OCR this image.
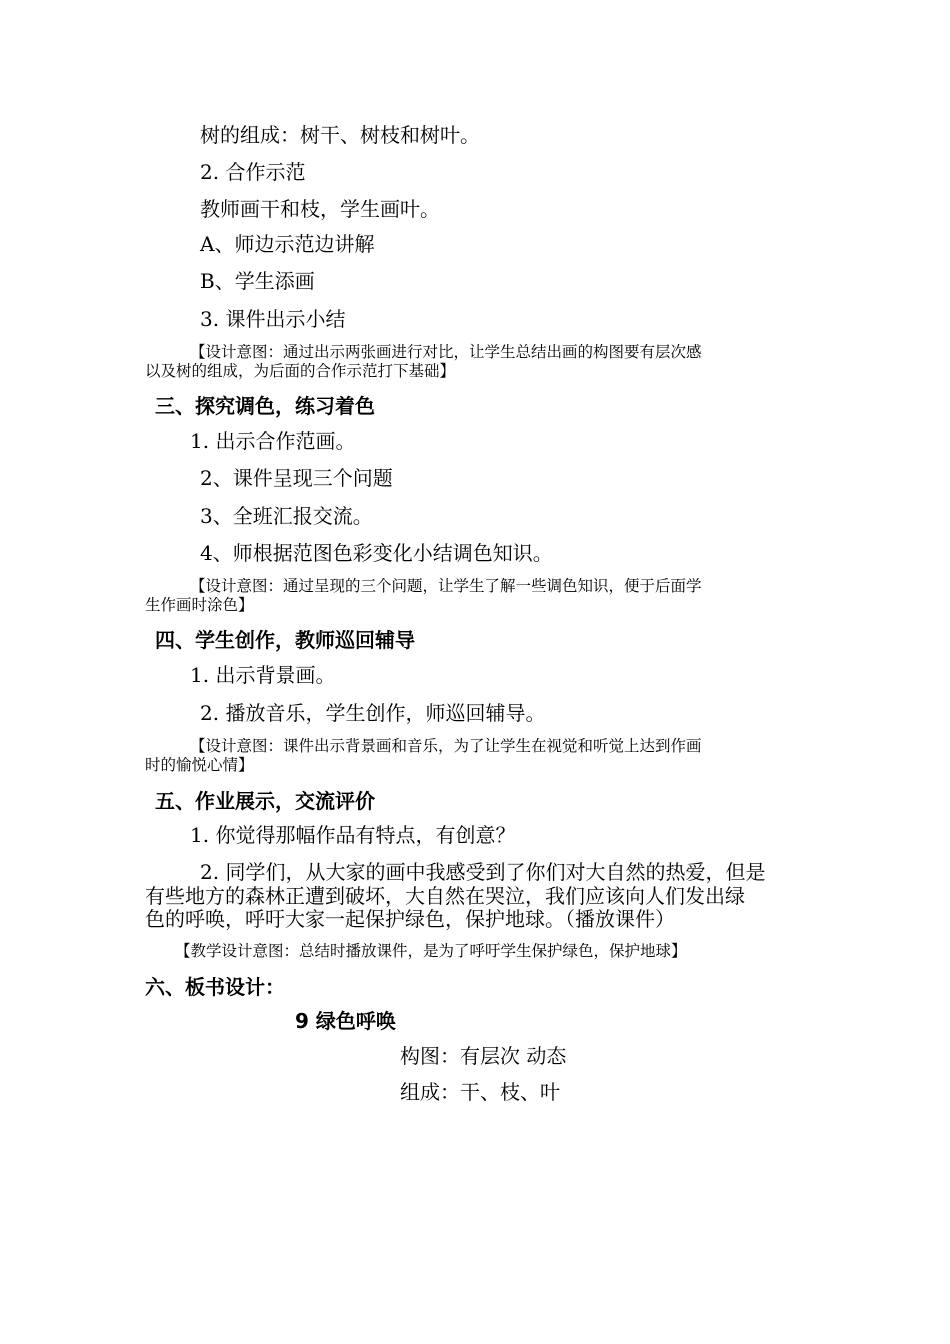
树的组成：树干、树枝和树叶。
2. 合作示范
教师画干和枝，学生画叶。
A、师边示范边讲解
B、学生添画
3. 课件出示小结
【设计意图：通过出示两张画进行对比，让学生总结出画的构图要有层次感
以及树的组成，为后面的合作示范打下基础】
三、探究调色，练习着色
1. 出示合作范画。
2、课件呈现三个问题
3、全班汇报交流。
4、师根据范图色彩变化小结调色知识。
【设计意图：通过呈现的三个问题，让学生了解一些调色知识，便于后面学
生作画时涂色】
四、学生创作，教师巡回辅导
1. 出示背景画。
2. 播放音乐，学生创作，师巡回辅导。
【设计意图：课件出示背景画和音乐，为了让学生在视觉和听觉上达到作画
时的愉悦心情】
五、作业展示，交流评价
1. 你觉得那幅作品有特点，有创意？
2. 同学们，从大家的画中我感受到了你们对大自然的热爱，但是
有些地方的森林正遭到破坏，大自然在哭泣，我们应该向人们发出绿
色的呼唤，呼吁大家一起保护绿色，保护地球。（播放课件）
【教学设计意图：总结时播放课件，是为了呼吁学生保护绿色，保护地球】
六、板书设计：
9 绿色呼唤
构图：有层次 动态
组成：干、枝、叶
